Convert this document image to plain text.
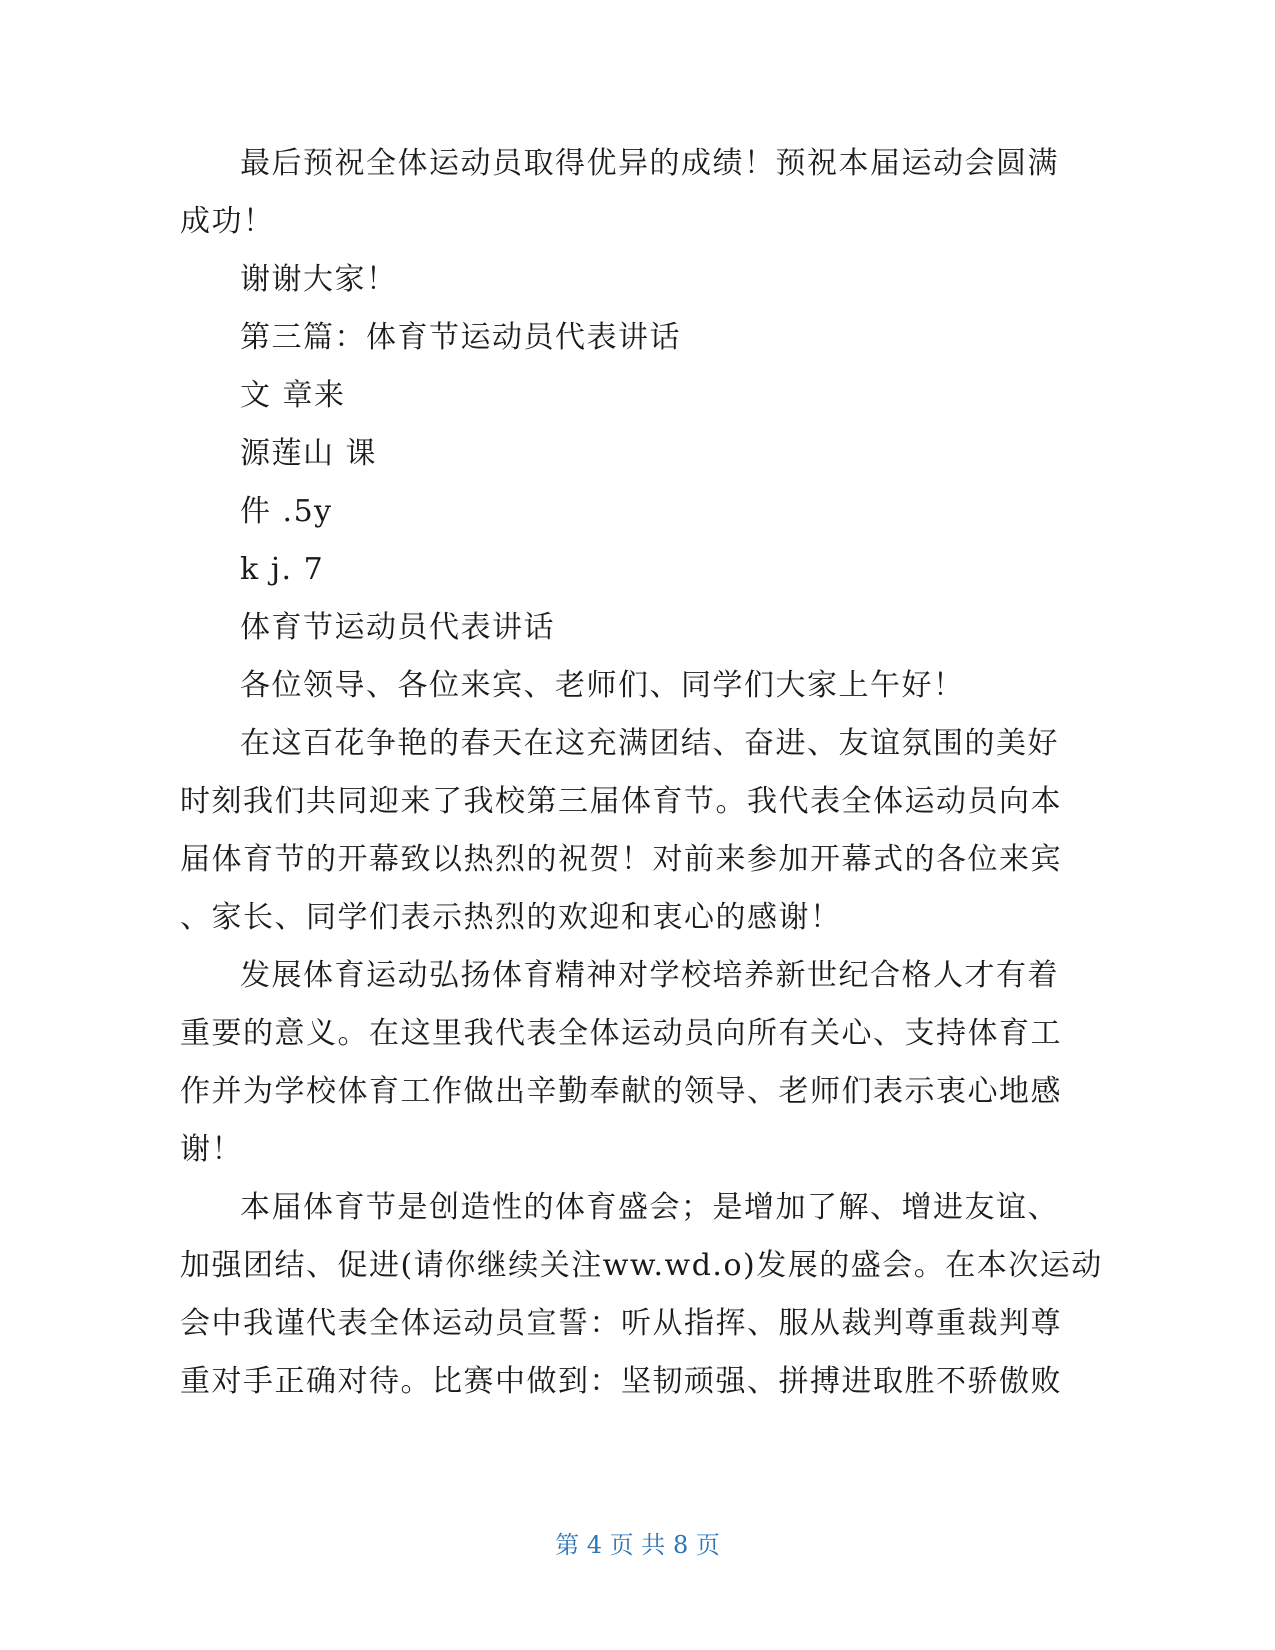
最后预祝全体运动员取得优异的成绩！预祝本届运动会圆满
成功！
谢谢大家！
第三篇：体育节运动员代表讲话
文 章来
源莲山 课
件 .5y
k j. 7
体育节运动员代表讲话
各位领导、各位来宾、老师们、同学们大家上午好！
在这百花争艳的春天在这充满团结、奋进、友谊氛围的美好
时刻我们共同迎来了我校第三届体育节。我代表全体运动员向本
届体育节的开幕致以热烈的祝贺！对前来参加开幕式的各位来宾
、家长、同学们表示热烈的欢迎和衷心的感谢！
发展体育运动弘扬体育精神对学校培养新世纪合格人才有着
重要的意义。在这里我代表全体运动员向所有关心、支持体育工
作并为学校体育工作做出辛勤奉献的领导、老师们表示衷心地感
谢！
本届体育节是创造性的体育盛会；是增加了解、增进友谊、
加强团结、促进(请你继续关注ww.wd.o)发展的盛会。在本次运动
会中我谨代表全体运动员宣誓：听从指挥、服从裁判尊重裁判尊
重对手正确对待。比赛中做到：坚韧顽强、拼搏进取胜不骄傲败
第 4 页 共 8 页
